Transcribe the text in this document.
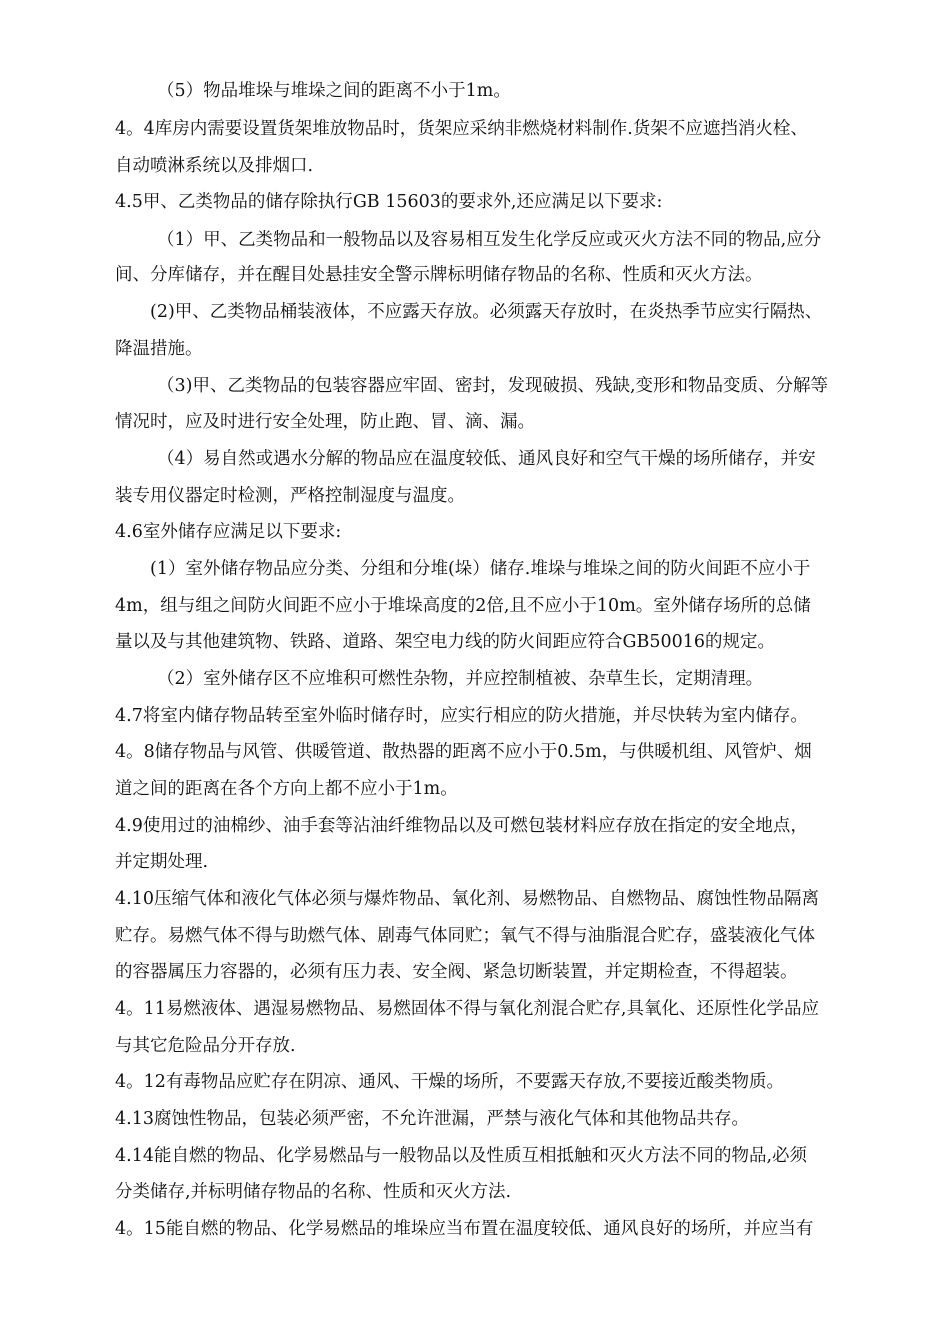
（5）物品堆垛与堆垛之间的距离不小于1m。
4。4库房内需要设置货架堆放物品时，货架应采纳非燃烧材料制作.货架不应遮挡消火栓、
自动喷淋系统以及排烟口.
4.5甲、乙类物品的储存除执行GB 15603的要求外,还应满足以下要求:
（1）甲、乙类物品和一般物品以及容易相互发生化学反应或灭火方法不同的物品,应分
间、分库储存，并在醒目处悬挂安全警示牌标明储存物品的名称、性质和灭火方法。
(2)甲、乙类物品桶装液体，不应露天存放。必须露天存放时，在炎热季节应实行隔热、
降温措施。
（3)甲、乙类物品的包装容器应牢固、密封，发现破损、残缺,变形和物品变质、分解等
情况时，应及时进行安全处理，防止跑、冒、滴、漏。
（4）易自然或遇水分解的物品应在温度较低、通风良好和空气干燥的场所储存，并安
装专用仪器定时检测，严格控制湿度与温度。
4.6室外储存应满足以下要求:
(1）室外储存物品应分类、分组和分堆(垛）储存.堆垛与堆垛之间的防火间距不应小于
4m，组与组之间防火间距不应小于堆垛高度的2倍,且不应小于10m。室外储存场所的总储
量以及与其他建筑物、铁路、道路、架空电力线的防火间距应符合GB50016的规定。
（2）室外储存区不应堆积可燃性杂物，并应控制植被、杂草生长，定期清理。
4.7将室内储存物品转至室外临时储存时，应实行相应的防火措施，并尽快转为室内储存。
4。8储存物品与风管、供暖管道、散热器的距离不应小于0.5m，与供暖机组、风管炉、烟
道之间的距离在各个方向上都不应小于1m。
4.9使用过的油棉纱、油手套等沾油纤维物品以及可燃包装材料应存放在指定的安全地点，
并定期处理.
4.10压缩气体和液化气体必须与爆炸物品、氧化剂、易燃物品、自燃物品、腐蚀性物品隔离
贮存。易燃气体不得与助燃气体、剧毒气体同贮；氧气不得与油脂混合贮存，盛装液化气体
的容器属压力容器的，必须有压力表、安全阀、紧急切断装置，并定期检查，不得超装。
4。11易燃液体、遇湿易燃物品、易燃固体不得与氧化剂混合贮存,具氧化、还原性化学品应
与其它危险品分开存放.
4。12有毒物品应贮存在阴凉、通风、干燥的场所，不要露天存放,不要接近酸类物质。
4.13腐蚀性物品，包装必须严密，不允许泄漏，严禁与液化气体和其他物品共存。
4.14能自燃的物品、化学易燃品与一般物品以及性质互相抵触和灭火方法不同的物品,必须
分类储存,并标明储存物品的名称、性质和灭火方法.
4。15能自燃的物品、化学易燃品的堆垛应当布置在温度较低、通风良好的场所，并应当有
